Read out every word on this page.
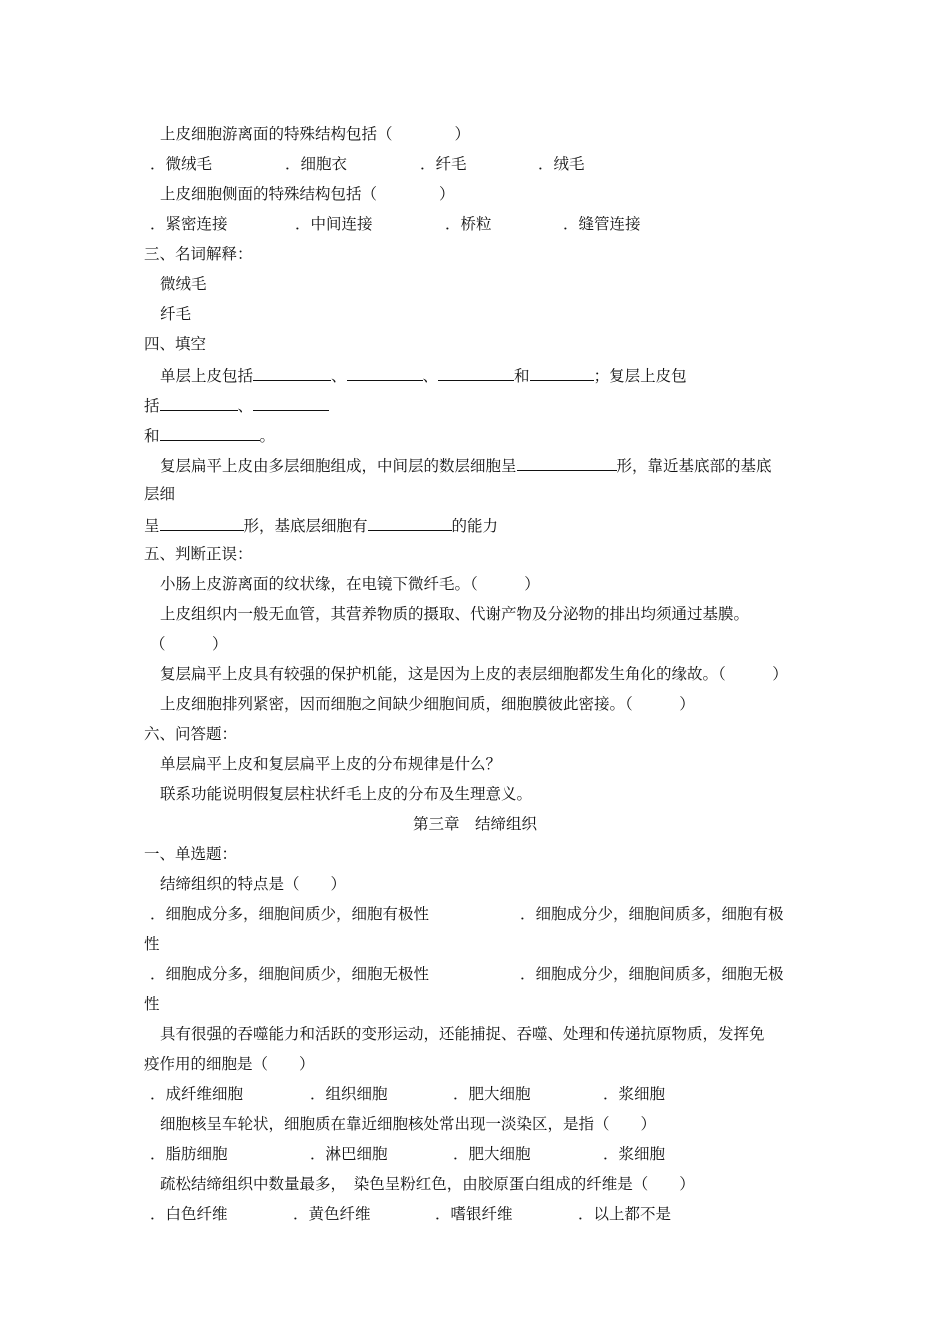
上皮细胞游离面的特殊结构包括（　　　　）
．微绒毛	．细胞衣	．纤毛	．绒毛
上皮细胞侧面的特殊结构包括（　　　　）
．紧密连接	．中间连接	．桥粒	．缝管连接
三、名词解释：
微绒毛
纤毛
四、填空
单层上皮包括	、	、	和	；复层上皮包
括	、
和	。
复层扁平上皮由多层细胞组成，中间层的数层细胞呈	形，靠近基底部的基底
层细
呈	形，基底层细胞有	的能力
五、判断正误：
小肠上皮游离面的纹状缘，在电镜下微纤毛。（　　　）
上皮组织内一般无血管，其营养物质的摄取、代谢产物及分泌物的排出均须通过基膜。
（　　　）
复层扁平上皮具有较强的保护机能，这是因为上皮的表层细胞都发生角化的缘故。（　　　）
上皮细胞排列紧密，因而细胞之间缺少细胞间质，细胞膜彼此密接。（　　　）
六、问答题：
单层扁平上皮和复层扁平上皮的分布规律是什么？
联系功能说明假复层柱状纤毛上皮的分布及生理意义。
第三章　结缔组织
一、单选题：
结缔组织的特点是（　　）
．细胞成分多，细胞间质少，细胞有极性	．细胞成分少，细胞间质多，细胞有极
性
．细胞成分多，细胞间质少，细胞无极性	．细胞成分少，细胞间质多，细胞无极
性
具有很强的吞噬能力和活跃的变形运动，还能捕捉、吞噬、处理和传递抗原物质，发挥免
疫作用的细胞是（　　）
．成纤维细胞	．组织细胞	．肥大细胞	．浆细胞
细胞核呈车轮状，细胞质在靠近细胞核处常出现一淡染区，是指（　　）
．脂肪细胞	．淋巴细胞	．肥大细胞	．浆细胞
疏松结缔组织中数量最多，　染色呈粉红色，由胶原蛋白组成的纤维是（　　）
．白色纤维	．黄色纤维	．嗜银纤维	．以上都不是
